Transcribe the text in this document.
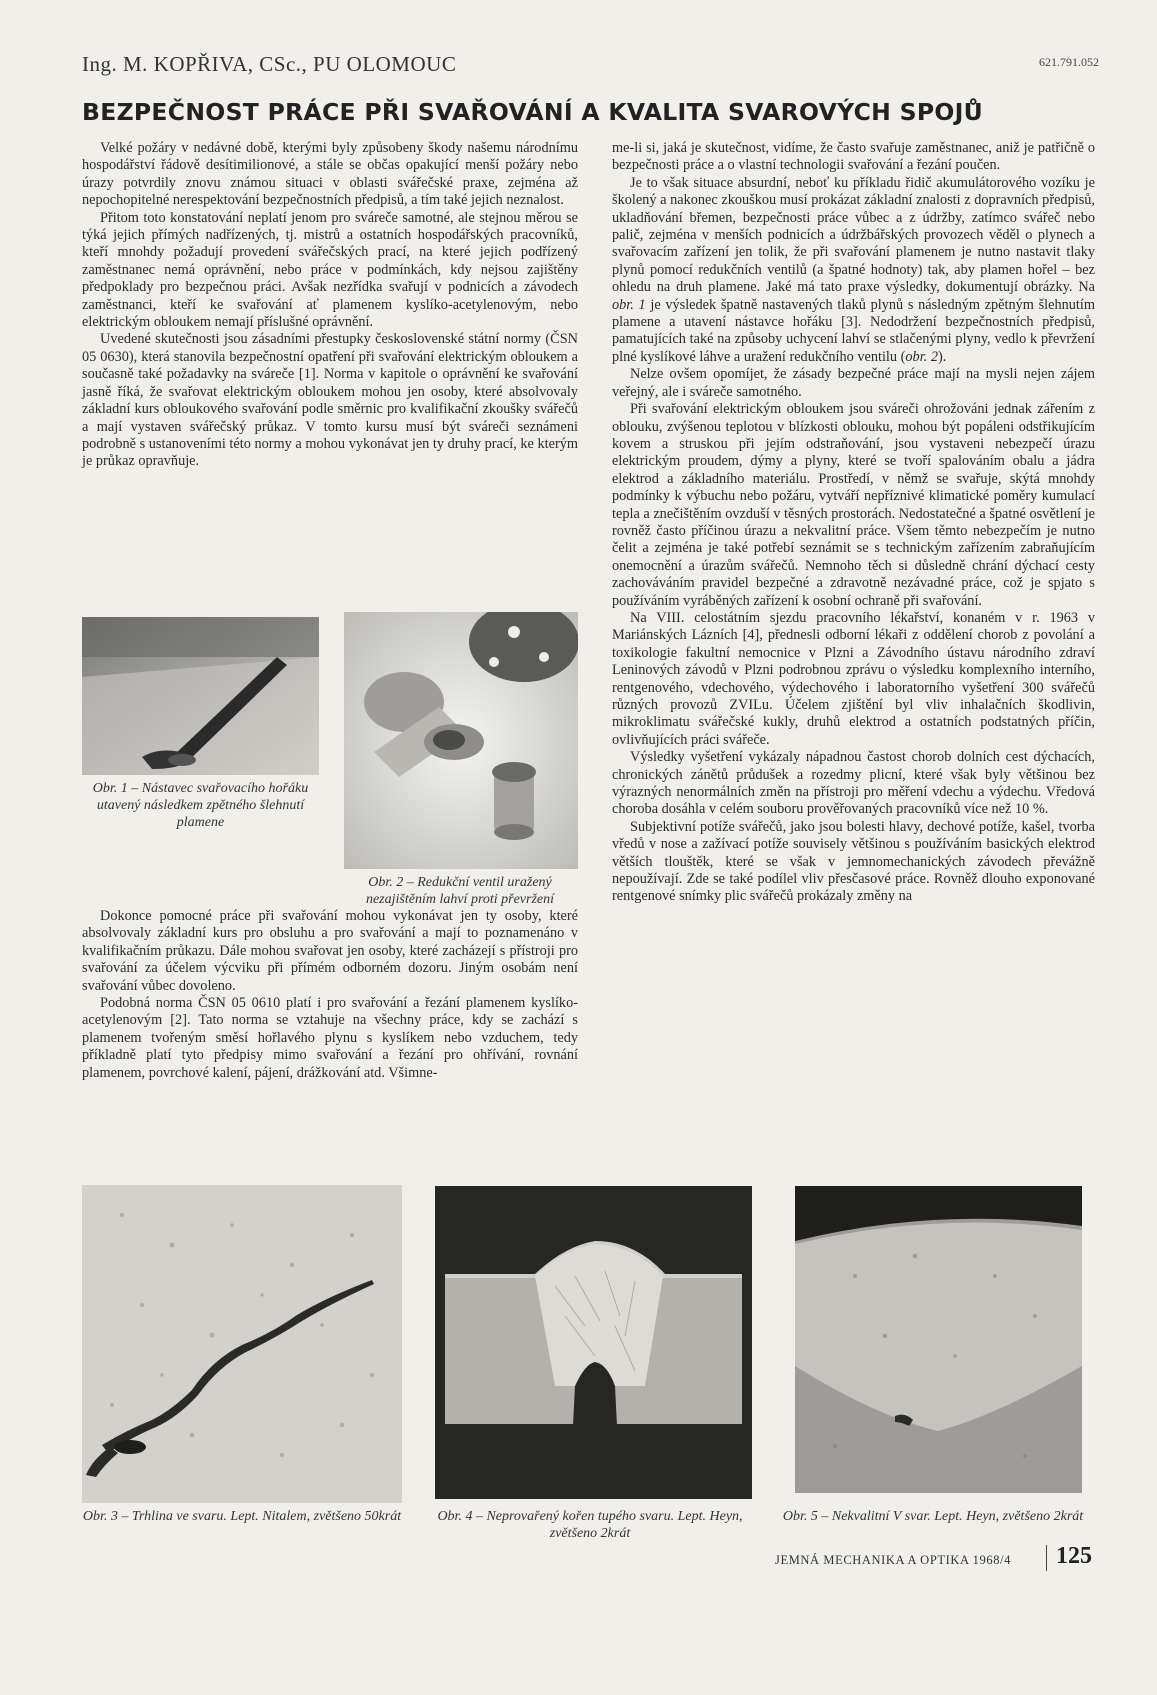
Ing. M. KOPŘIVA, CSc., PU OLOMOUC	621.791.052
BEZPEČNOST PRÁCE PŘI SVAŘOVÁNÍ A KVALITA SVAROVÝCH SPOJŮ

Velké požáry v nedávné době, kterými byly způsobeny škody našemu národnímu hospodářství řádově desítimilionové, a stále se občas opakující menší požáry nebo úrazy potvrdily znovu známou situaci v oblasti svářečské praxe, zejména až nepochopitelné nerespektování bezpečnostních předpisů, a tím také jejich neznalost.

Přitom toto konstatování neplatí jenom pro sváreče samotné, ale stejnou měrou se týká jejich přímých nadřízených, tj. mistrů a ostatních hospodářských pracovníků, kteří mnohdy požadují provedení svářečských prací, na které jejich podřízený zaměstnanec nemá oprávnění, nebo práce v podmínkách, kdy nejsou zajištěny předpoklady pro bezpečnou práci. Avšak nezřídka svařují v podnicích a závodech zaměstnanci, kteří ke svařování ať plamenem kyslíko-acetylenovým, nebo elektrickým obloukem nemají příslušné oprávnění.

Uvedené skutečnosti jsou zásadními přestupky československé státní normy (ČSN 05 0630), která stanovila bezpečnostní opatření při svařování elektrickým obloukem a současně také požadavky na sváreče [1]. Norma v kapitole o oprávnění ke svařování jasně říká, že svařovat elektrickým obloukem mohou jen osoby, které absolvovaly základní kurs obloukového svařování podle směrnic pro kvalifikační zkoušky svářečů a mají vystaven svářečský průkaz. V tomto kursu musí být sváreči seznámeni podrobně s ustanoveními této normy a mohou vykonávat jen ty druhy prací, ke kterým je průkaz opravňuje.

Obr. 1 – Nástavec svařovacího hořáku utavený následkem zpětného šlehnutí plamene
Obr. 2 – Redukční ventil uražený nezajištěním lahví proti převržení

Dokonce pomocné práce při svařování mohou vykonávat jen ty osoby, které absolvovaly základní kurs pro obsluhu a pro svařování a mají to poznamenáno v kvalifikačním průkazu. Dále mohou svařovat jen osoby, které zacházejí s přístroji pro svařování za účelem výcviku při přímém odborném dozoru. Jiným osobám není svařování vůbec dovoleno.

Podobná norma ČSN 05 0610 platí i pro svařování a řezání plamenem kyslíko-acetylenovým [2]. Tato norma se vztahuje na všechny práce, kdy se zachází s plamenem tvořeným směsí hořlavého plynu s kyslíkem nebo vzduchem, tedy příkladně platí tyto předpisy mimo svařování a řezání pro ohřívání, rovnání plamenem, povrchové kalení, pájení, drážkování atd. Všimne-

me-li si, jaká je skutečnost, vidíme, že často svařuje zaměstnanec, aniž je patřičně o bezpečnosti práce a o vlastní technologii svařování a řezání poučen.

Je to však situace absurdní, neboť ku příkladu řidič akumulátorového vozíku je školený a nakonec zkouškou musí prokázat základní znalosti z dopravních předpisů, ukladňování břemen, bezpečnosti práce vůbec a z údržby, zatímco svářeč nebo palič, zejména v menších podnicích a údržbářských provozech věděl o plynech a svařovacím zařízení jen tolik, že při svařování plamenem je nutno nastavit tlaky plynů pomocí redukčních ventilů (a špatné hodnoty) tak, aby plamen hořel – bez ohledu na druh plamene. Jaké má tato praxe výsledky, dokumentují obrázky. Na obr. 1 je výsledek špatně nastavených tlaků plynů s následným zpětným šlehnutím plamene a utavení nástavce hořáku [3]. Nedodržení bezpečnostních předpisů, pamatujících také na způsoby uchycení lahví se stlačenými plyny, vedlo k převržení plné kyslíkové láhve a uražení redukčního ventilu (obr. 2).

Nelze ovšem opomíjet, že zásady bezpečné práce mají na mysli nejen zájem veřejný, ale i sváreče samotného.

Při svařování elektrickým obloukem jsou sváreči ohrožováni jednak zářením z oblouku, zvýšenou teplotou v blízkosti oblouku, mohou být popáleni odstřikujícím kovem a struskou při jejím odstraňování, jsou vystaveni nebezpečí úrazu elektrickým proudem, dýmy a plyny, které se tvoří spalováním obalu a jádra elektrod a základního materiálu. Prostředí, v němž se svařuje, skýtá mnohdy podmínky k výbuchu nebo požáru, vytváří nepříznivé klimatické poměry kumulací tepla a znečištěním ovzduší v těsných prostorách. Nedostatečné a špatné osvětlení je rovněž často příčinou úrazu a nekvalitní práce. Všem těmto nebezpečím je nutno čelit a zejména je také potřebí seznámit se s technickým zařízením zabraňujícím onemocnění a úrazům svářečů. Nemnoho těch si důsledně chrání dýchací cesty zachováváním pravidel bezpečné a zdravotně nezávadné práce, což je spjato s používáním vyráběných zařízení k osobní ochraně při svařování.

Na VIII. celostátním sjezdu pracovního lékařství, konaném v r. 1963 v Mariánských Lázních [4], přednesli odborní lékaři z oddělení chorob z povolání a toxikologie fakultní nemocnice v Plzni a Závodního ústavu národního zdraví Leninových závodů v Plzni podrobnou zprávu o výsledku komplexního interního, rentgenového, vdechového, výdechového i laboratorního vyšetření 300 svářečů různých provozů ZVILu. Účelem zjištění byl vliv inhalačních škodlivin, mikroklimatu svářečské kukly, druhů elektrod a ostatních podstatných příčin, ovlivňujících práci svářeče.

Výsledky vyšetření vykázaly nápadnou častost chorob dolních cest dýchacích, chronických zánětů průdušek a rozedmy plicní, které však byly většinou bez výrazných nenormálních změn na přístroji pro měření vdechu a výdechu. Vředová choroba dosáhla v celém souboru prověřovaných pracovníků více než 10 %.

Subjektivní potíže svářečů, jako jsou bolesti hlavy, dechové potíže, kašel, tvorba vředů v nose a zažívací potíže souvisely většinou s používáním basických elektrod větších tlouštěk, které se však v jemnomechanických závodech převážně nepoužívají. Zde se také podílel vliv přesčasové práce. Rovněž dlouho exponované rentgenové snímky plic svářečů prokázaly změny na

Obr. 3 – Trhlina ve svaru. Lept. Nitalem, zvětšeno 50krát	Obr. 4 – Neprovařený kořen tupého svaru. Lept. Heyn, zvětšeno 2krát
Obr. 5 – Nekvalitní V svar. Lept. Heyn, zvětšeno 2krát
JEMNÁ MECHANIKA A OPTIKA 1968/4 125
